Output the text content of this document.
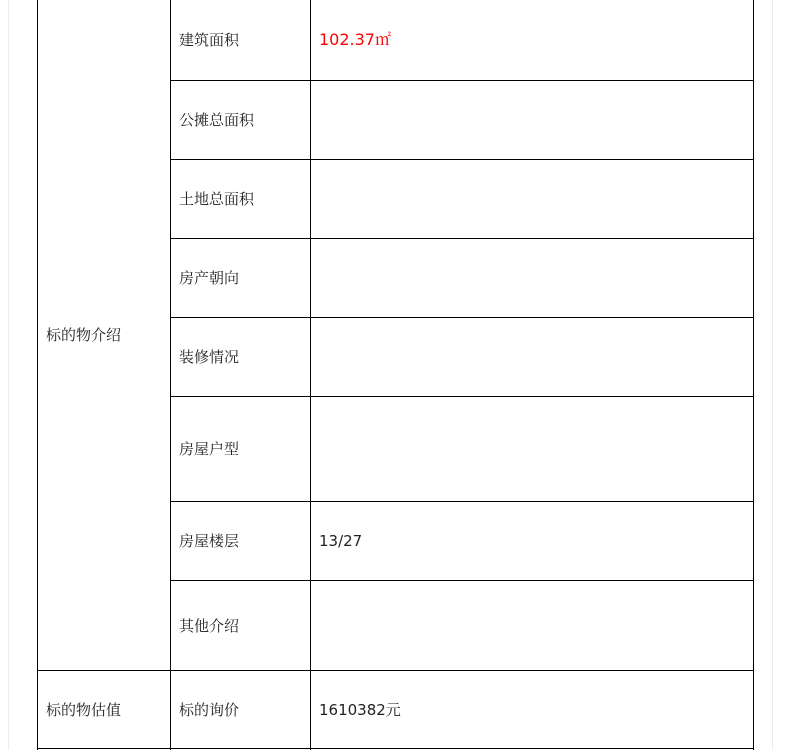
标的物介绍	建筑面积	102.37㎡
	公摊总面积	
	土地总面积	
	房产朝向	
	装修情况	
	房屋户型	
	房屋楼层	13/27
	其他介绍	
标的物估值	标的询价	1610382元
